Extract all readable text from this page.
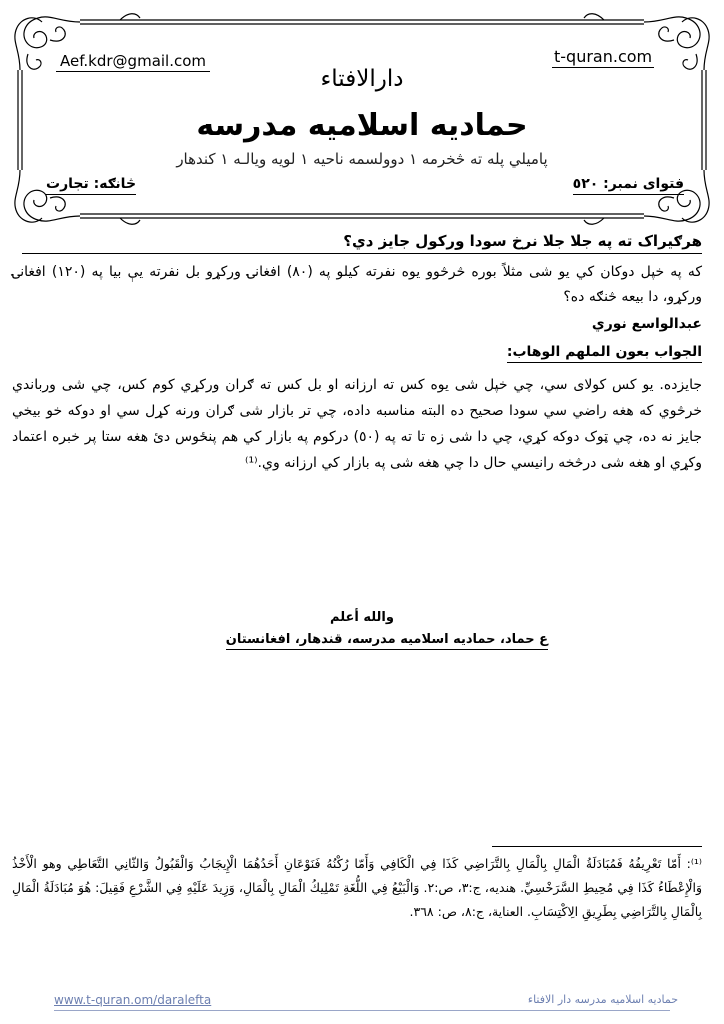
Aef.kdr@gmail.com	t-quran.com
دارالافتاء
حمادیه اسلامیه مدرسه
پاميلي پله ته څخرمه ١ دوولسمه ناحيه ١ لويه ويالـه ١ كندهار
فتوای نمبر: ٥٢٠
څانګه: تجارت
هرګیراک ته په جلا جلا نرخ سودا ورکول جایز دي؟
که په خپل دوکان کي يو شی مثلاً بوره څرڅوو يوه نفرته کيلو په (٨٠) افغانۍ ورکړو بل نفرته يې بيا په (١٢٠) افغانۍ ورکړو، دا بيعه څنګه ده؟
عبدالواسع نوري
الجواب بعون الملهم الوهاب:
جايزده. يو کس کولای سي، چي خپل شی يوه کس ته ارزانه او بل کس ته ګران ورکړي کوم کس، چي شی ورباندي خرڅوي که هغه راضي سي سودا صحيح ده البته مناسبه داده، چي تر بازار شی ګران ورنه کړل سي او دوکه خو بيخي جايز نه ده، چي ټوک دوکه کړي، چي دا شی زه تا ته په (٥٠) درکوم په بازار کي هم پنځوس دئ هغه ستا پر خبره اعتماد وکړي او هغه شی درڅخه رانيسي حال دا چي هغه شی په بازار کي ارزانه وي.⁽¹⁾
والله أعلم
ع حماد، حمادیه اسلامیه مدرسه، قندهار، افغانستان
⁽¹⁾: أَمّا تَعْرِيفُهُ فَمُبَادَلَةُ الْمَالِ بِالْمَالِ بِالتَّرَاضِي كَذَا فِي الْكَافِي وَأَمّا رُكْنُهُ فَنَوْعَانِ أَحَدُهُمَا الْإِيجَابُ وَالْقَبُولُ وَالثّانِي التَّعَاطِي وهو الْأَخْذُ وَالْإِعْطَاءُ كَذَا فِي مُحِيطِ السَّرَخْسِيِّ. هنديه، ج:٣، ص:٢. وَالْبَيْعُ فِي اللُّغَةِ تَمْلِيكُ الْمَالِ بِالْمَالِ، وَزِيدَ عَلَيْهِ فِي الشَّرْعِ فَقِيلَ: هُوَ مُبَادَلَةُ الْمَالِ بِالْمَالِ بِالتَّرَاضِي بِطَرِيقِ الِاكْتِسَابِ. العناية، ج:٨، ص: ٣٦٨.
www.t-quran.om/daralefta	حمادیه اسلامیه مدرسه دار الافتاء
